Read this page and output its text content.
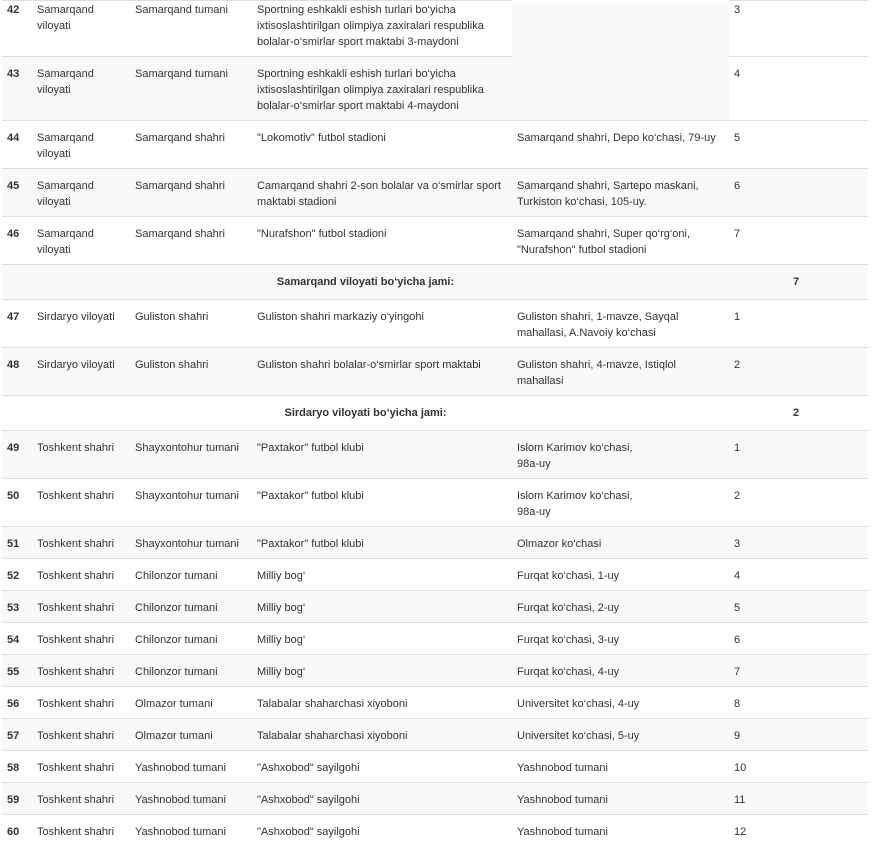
42	Samarqand viloyati	Samarqand tumani	Sportning eshkakli eshish turlari bo‘yicha ixtisoslashtirilgan olimpiya zaxiralari respublika bolalar-o‘smirlar sport maktabi 3-maydoni		3
43	Samarqand viloyati	Samarqand tumani	Sportning eshkakli eshish turlari bo‘yicha ixtisoslashtirilgan olimpiya zaxiralari respublika bolalar-o‘smirlar sport maktabi 4-maydoni		4
44	Samarqand viloyati	Samarqand shahri	"Lokomotiv" futbol stadioni	Samarqand shahri, Depo ko‘chasi, 79-uy	5
45	Samarqand viloyati	Samarqand shahri	Camarqand shahri 2-son bolalar va o‘smirlar sport maktabi stadioni	Samarqand shahri, Sartepo maskani, Turkiston ko‘chasi, 105-uy.	6
46	Samarqand viloyati	Samarqand shahri	"Nurafshon" futbol stadioni	Samarqand shahri, Super qo‘rg‘oni, "Nurafshon" futbol stadioni	7
Samarqand viloyati bo‘yicha jami:					7
47	Sirdaryo viloyati	Guliston shahri	Guliston shahri markaziy o‘yingohi	Guliston shahri, 1-mavze, Sayqal mahallasi, A.Navoiy ko‘chasi	1
48	Sirdaryo viloyati	Guliston shahri	Guliston shahri bolalar-o‘smirlar sport maktabi	Guliston shahri, 4-mavze, Istiqlol mahallasi	2
Sirdaryo viloyati bo‘yicha jami:					2
49	Toshkent shahri	Shayxontohur tumani	"Paxtakor" futbol klubi	Islom Karimov ko‘chasi, 98a-uy	1
50	Toshkent shahri	Shayxontohur tumani	"Paxtakor" futbol klubi	Islom Karimov ko‘chasi, 98a-uy	2
51	Toshkent shahri	Shayxontohur tumani	"Paxtakor" futbol klubi	Olmazor ko‘chasi	3
52	Toshkent shahri	Chilonzor tumani	Milliy bog‘	Furqat ko‘chasi, 1-uy	4
53	Toshkent shahri	Chilonzor tumani	Milliy bog‘	Furqat ko‘chasi, 2-uy	5
54	Toshkent shahri	Chilonzor tumani	Milliy bog‘	Furqat ko‘chasi, 3-uy	6
55	Toshkent shahri	Chilonzor tumani	Milliy bog‘	Furqat ko‘chasi, 4-uy	7
56	Toshkent shahri	Olmazor tumani	Talabalar shaharchasi xiyoboni	Universitet ko‘chasi, 4-uy	8
57	Toshkent shahri	Olmazor tumani	Talabalar shaharchasi xiyoboni	Universitet ko‘chasi, 5-uy	9
58	Toshkent shahri	Yashnobod tumani	"Ashxobod" sayilgohi	Yashnobod tumani	10
59	Toshkent shahri	Yashnobod tumani	"Ashxobod" sayilgohi	Yashnobod tumani	11
60	Toshkent shahri	Yashnobod tumani	"Ashxobod" sayilgohi	Yashnobod tumani	12
